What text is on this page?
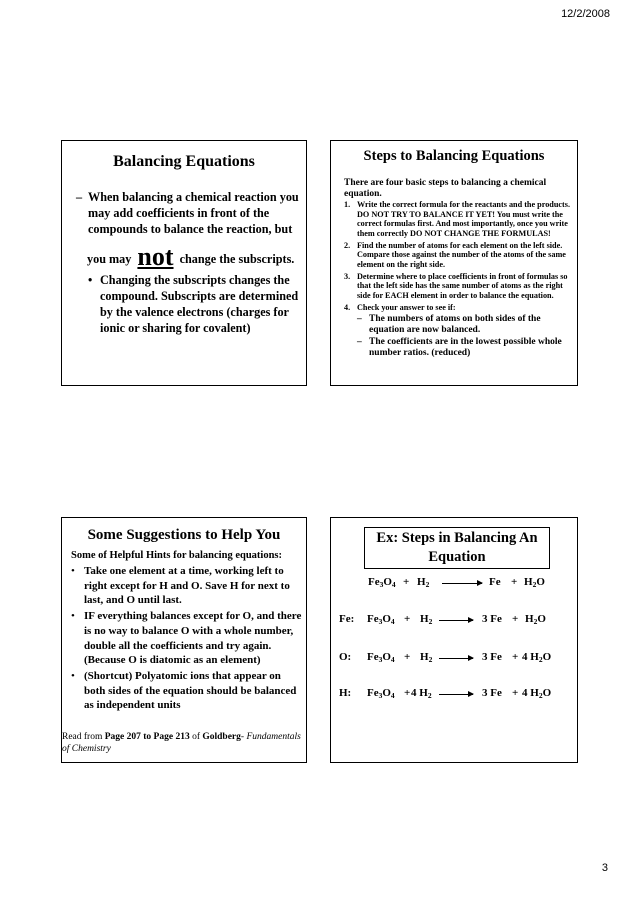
12/2/2008
Balancing Equations
– When balancing a chemical reaction you may add coefficients in front of the compounds to balance the reaction, but
you may not change the subscripts.
• Changing the subscripts changes the compound. Subscripts are determined by the valence electrons (charges for ionic or sharing for covalent)
Steps to Balancing Equations
There are four basic steps to balancing a chemical equation.
1. Write the correct formula for the reactants and the products. DO NOT TRY TO BALANCE IT YET! You must write the correct formulas first. And most importantly, once you write them correctly DO NOT CHANGE THE FORMULAS!
2. Find the number of atoms for each element on the left side. Compare those against the number of the atoms of the same element on the right side.
3. Determine where to place coefficients in front of formulas so that the left side has the same number of atoms as the right side for EACH element in order to balance the equation.
4. Check your answer to see if:
– The numbers of atoms on both sides of the equation are now balanced.
– The coefficients are in the lowest possible whole number ratios. (reduced)
Some Suggestions to Help You
Some of Helpful Hints for balancing equations:
• Take one element at a time, working left to right except for H and O. Save H for next to last, and O until last.
• IF everything balances except for O, and there is no way to balance O with a whole number, double all the coefficients and try again. (Because O is diatomic as an element)
• (Shortcut) Polyatomic ions that appear on both sides of the equation should be balanced as independent units
Read from Page 207 to Page 213 of Goldberg- Fundamentals of Chemistry
Ex: Steps in Balancing An Equation
$Fe_3O_4 + H_2 \to Fe + H_2O$
Fe: $Fe_3O_4 + H_2 \to 3$ $Fe + H_2O$
O: $Fe_3O_4 + H_2 \to 3$ Fe + 4 $H_2O$
H: $Fe_3O_4 + 4$ $H_2 \to 3$ Fe + 4 $H_2O$
3
